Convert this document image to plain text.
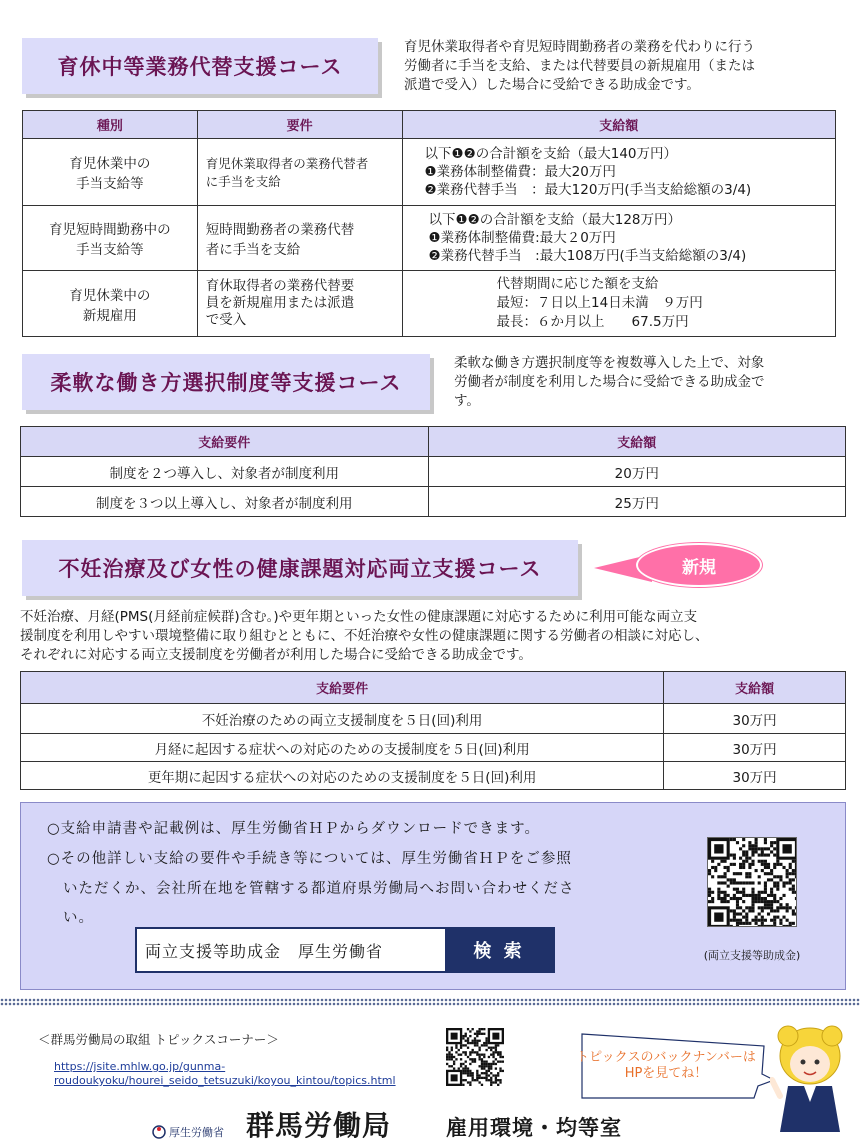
育休中等業務代替支援コース
育児休業取得者や育児短時間勤務者の業務を代わりに行う
労働者に手当を支給、または代替要員の新規雇用（または
派遣で受入）した場合に受給できる助成金です。
種別	要件	支給額

育児休業中の
手当支給等	育児休業取得者の業務代替者
に手当を支給	以下❶❷の合計額を支給（最大140万円）
❶業務体制整備費：最大20万円
❷業務代替手当　：最大120万円(手当支給総額の3/4)

育児短時間勤務中の
手当支給等	短時間勤務者の業務代替
者に手当を支給	以下❶❷の合計額を支給（最大128万円）
❶業務体制整備費:最大２0万円
❷業務代替手当　:最大108万円(手当支給総額の3/4)

育児休業中の
新規雇用	育休取得者の業務代替要
員を新規雇用または派遣
で受入	代替期間に応じた額を支給
最短：７日以上14日未満　９万円
最長：６か月以上　　67.5万円
柔軟な働き方選択制度等支援コース
柔軟な働き方選択制度等を複数導入した上で、対象
労働者が制度を利用した場合に受給できる助成金で
す。
支給要件	支給額
制度を２つ導入し、対象者が制度利用	20万円
制度を３つ以上導入し、対象者が制度利用	25万円
不妊治療及び女性の健康課題対応両立支援コース	新規
不妊治療、月経(PMS(月経前症候群)含む。)や更年期といった女性の健康課題に対応するために利用可能な両立支
援制度を利用しやすい環境整備に取り組むとともに、不妊治療や女性の健康課題に関する労働者の相談に対応し、
それぞれに対応する両立支援制度を労働者が利用した場合に受給できる助成金です。
支給要件	支給額
不妊治療のための両立支援制度を５日(回)利用	30万円
月経に起因する症状への対応のための支援制度を５日(回)利用	30万円
更年期に起因する症状への対応のための支援制度を５日(回)利用	30万円
○支給申請書や記載例は、厚生労働省ＨＰからダウンロードできます。
○その他詳しい支給の要件や手続き等については、厚生労働省ＨＰをご参照
いただくか、会社所在地を管轄する都道府県労働局へお問い合わせくださ
い。
両立支援等助成金　厚生労働省	検 索	(両立支援等助成金)
＜群馬労働局の取組 トピックスコーナー＞
https://jsite.mhlw.go.jp/gunma-
roudoukyoku/hourei_seido_tetsuzuki/koyou_kintou/topics.html
トピックスのバックナンバーは
HPを見てね！
厚生労働省 群馬労働局	雇用環境・均等室
